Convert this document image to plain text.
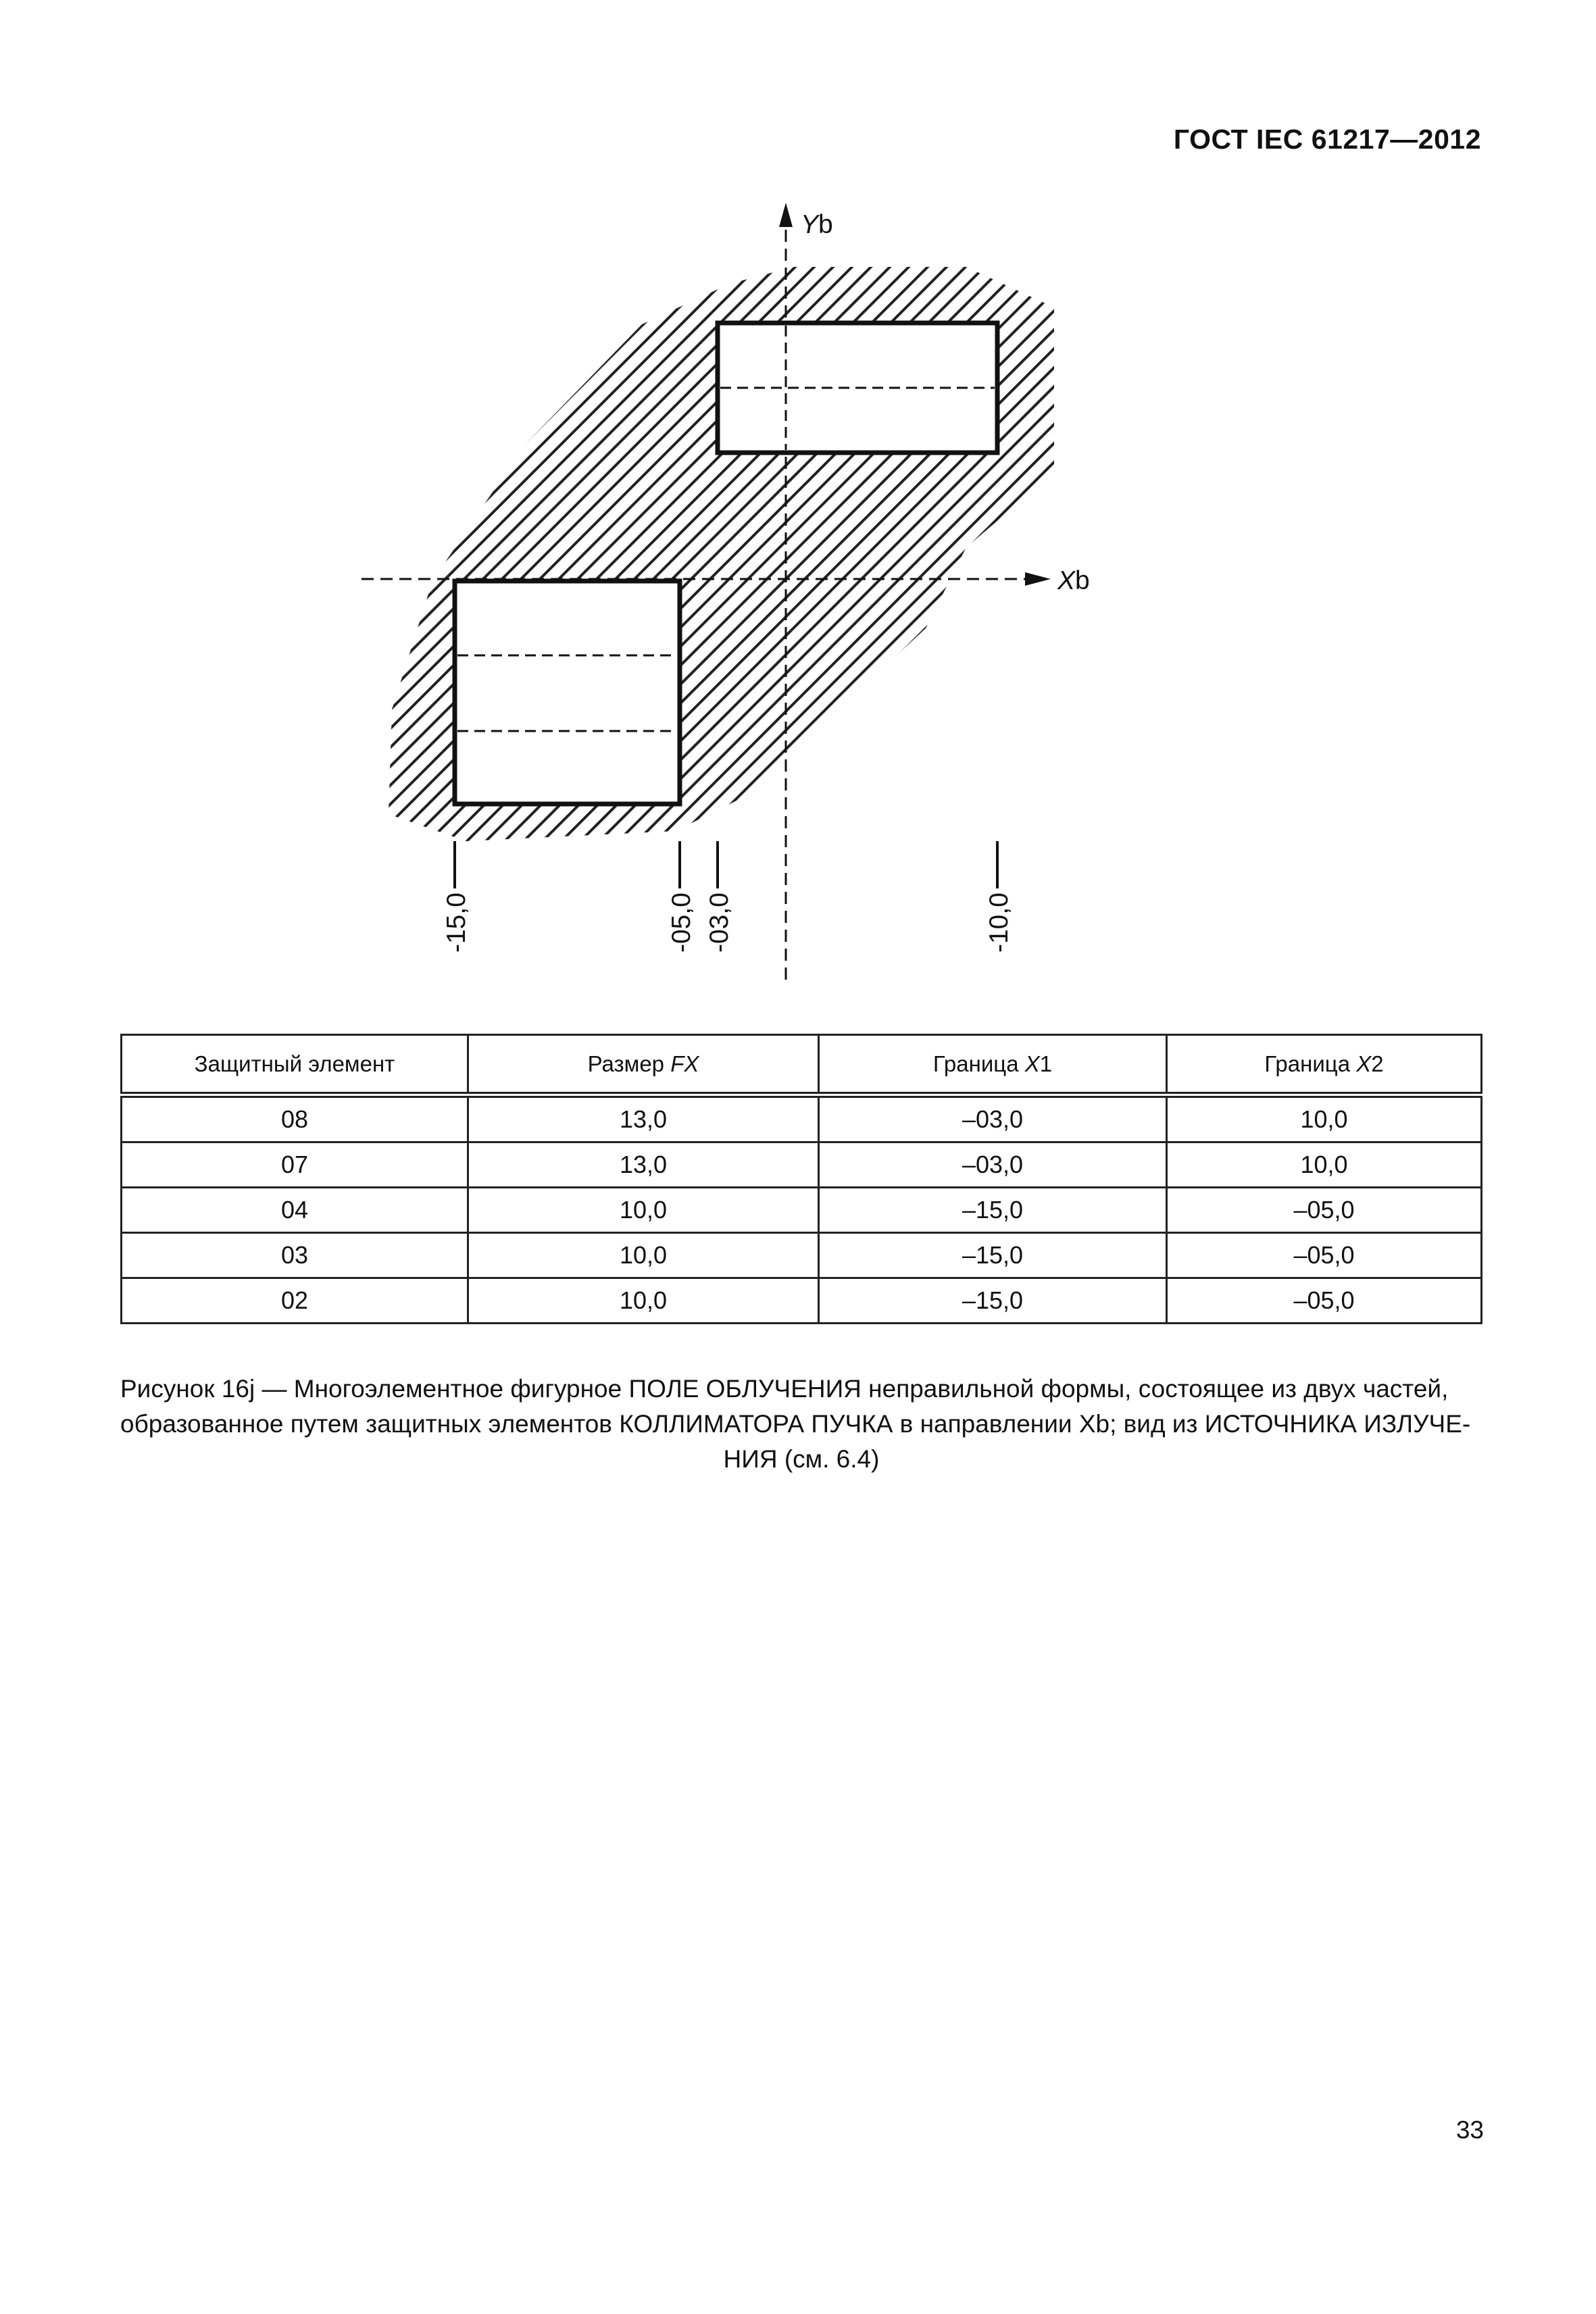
ГОСТ IEC 61217—2012
Yb
Xb
-15,0	-05,0 -03,0	-10,0
Защитный элемент	Размер FX	Граница X1	Граница X2
08	13,0	–03,0	10,0
07	13,0	–03,0	10,0
04	10,0	–15,0	–05,0
03	10,0	–15,0	–05,0
02	10,0	–15,0	–05,0
Рисунок 16j — Многоэлементное фигурное ПОЛЕ ОБЛУЧЕНИЯ неправильной формы, состоящее из двух частей,
образованное путем защитных элементов КОЛЛИМАТОРА ПУЧКА в направлении Xb; вид из ИСТОЧНИКА ИЗЛУЧЕ-
НИЯ (см. 6.4)
33
